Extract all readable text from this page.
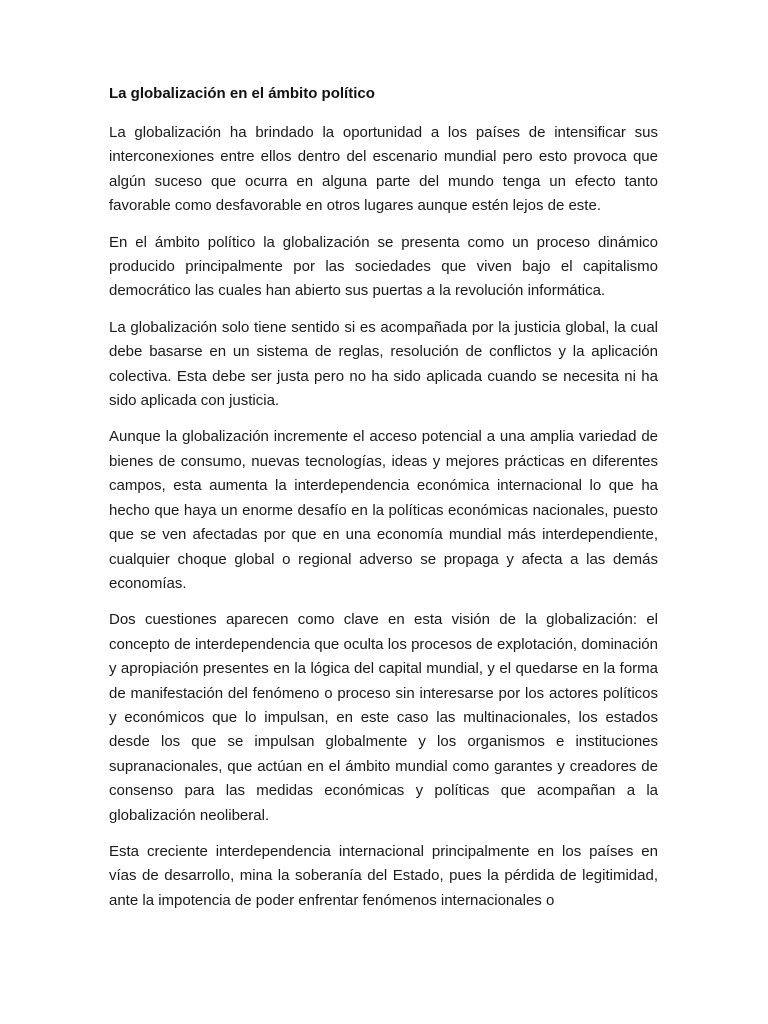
La globalización en el ámbito político

La globalización ha brindado la oportunidad a los países de intensificar sus interconexiones entre ellos dentro del escenario mundial pero esto provoca que algún suceso que ocurra en alguna parte del mundo tenga un efecto tanto favorable como desfavorable en otros lugares aunque estén lejos de este.

En el ámbito político la globalización se presenta como un proceso dinámico producido principalmente por las sociedades que viven bajo el capitalismo democrático las cuales han abierto sus puertas a la revolución informática.

La globalización solo tiene sentido si es acompañada por la justicia global, la cual debe basarse en un sistema de reglas, resolución de conflictos y la aplicación colectiva. Esta debe ser justa pero no ha sido aplicada cuando se necesita ni ha sido aplicada con justicia.

Aunque la globalización incremente el acceso potencial a una amplia variedad de bienes de consumo, nuevas tecnologías, ideas y mejores prácticas en diferentes campos, esta aumenta la interdependencia económica internacional lo que ha hecho que haya un enorme desafío en la políticas económicas nacionales, puesto que se ven afectadas por que en una economía mundial más interdependiente, cualquier choque global o regional adverso se propaga y afecta a las demás economías.

Dos cuestiones aparecen como clave en esta visión de la globalización: el concepto de interdependencia que oculta los procesos de explotación, dominación y apropiación presentes en la lógica del capital mundial, y el quedarse en la forma de manifestación del fenómeno o proceso sin interesarse por los actores políticos y económicos que lo impulsan, en este caso las multinacionales, los estados desde los que se impulsan globalmente y los organismos e instituciones supranacionales, que actúan en el ámbito mundial como garantes y creadores de consenso para las medidas económicas y políticas que acompañan a la globalización neoliberal.

Esta creciente interdependencia internacional principalmente en los países en vías de desarrollo, mina la soberanía del Estado, pues la pérdida de legitimidad, ante la impotencia de poder enfrentar fenómenos internacionales o
